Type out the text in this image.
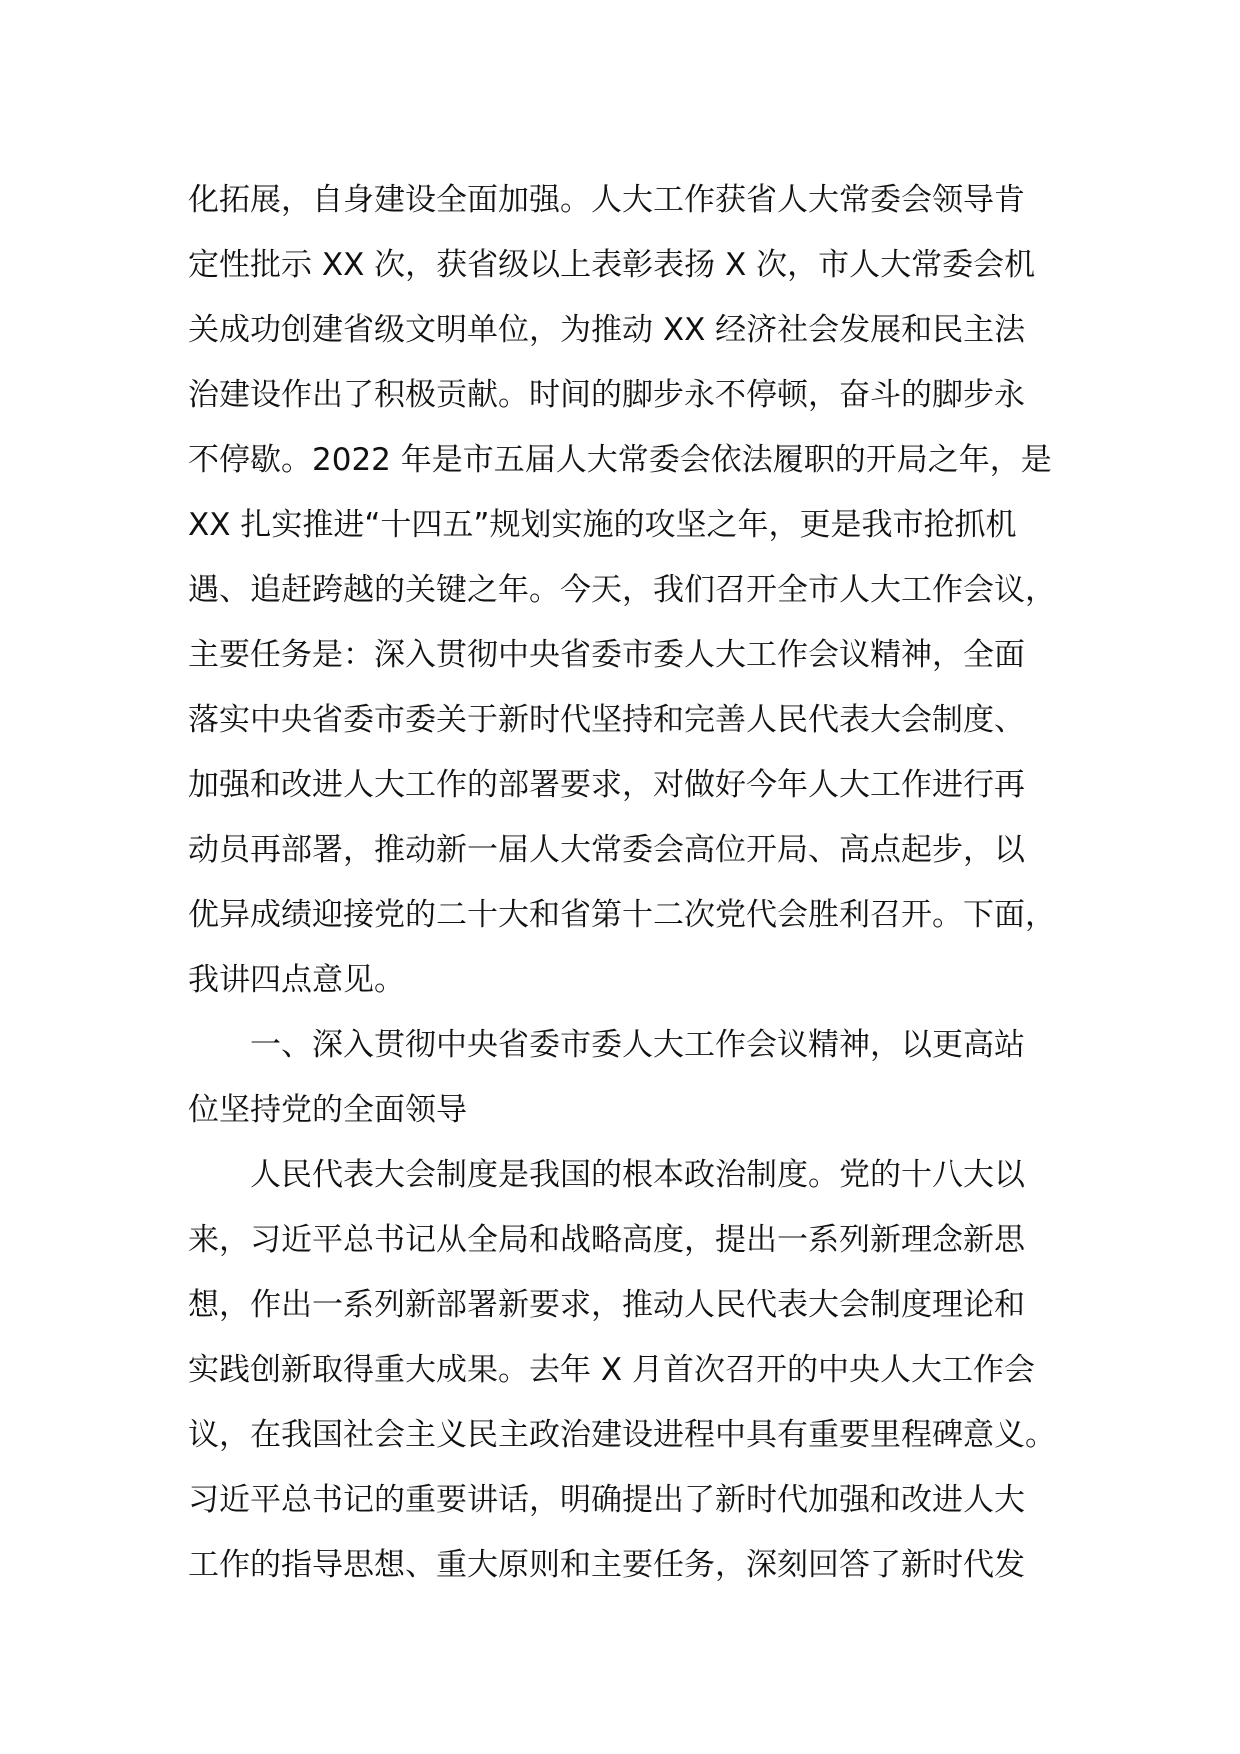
化拓展，自身建设全面加强。人大工作获省人大常委会领导肯
定性批示 XX 次，获省级以上表彰表扬 X 次，市人大常委会机
关成功创建省级文明单位，为推动 XX 经济社会发展和民主法
治建设作出了积极贡献。时间的脚步永不停顿，奋斗的脚步永
不停歇。2022 年是市五届人大常委会依法履职的开局之年，是
XX 扎实推进“十四五”规划实施的攻坚之年，更是我市抢抓机
遇、追赶跨越的关键之年。今天，我们召开全市人大工作会议，
主要任务是：深入贯彻中央省委市委人大工作会议精神，全面
落实中央省委市委关于新时代坚持和完善人民代表大会制度、
加强和改进人大工作的部署要求，对做好今年人大工作进行再
动员再部署，推动新一届人大常委会高位开局、高点起步，以
优异成绩迎接党的二十大和省第十二次党代会胜利召开。下面，
我讲四点意见。
一、深入贯彻中央省委市委人大工作会议精神，以更高站
位坚持党的全面领导
人民代表大会制度是我国的根本政治制度。党的十八大以
来，习近平总书记从全局和战略高度，提出一系列新理念新思
想，作出一系列新部署新要求，推动人民代表大会制度理论和
实践创新取得重大成果。去年 X 月首次召开的中央人大工作会
议，在我国社会主义民主政治建设进程中具有重要里程碑意义。
习近平总书记的重要讲话，明确提出了新时代加强和改进人大
工作的指导思想、重大原则和主要任务，深刻回答了新时代发
